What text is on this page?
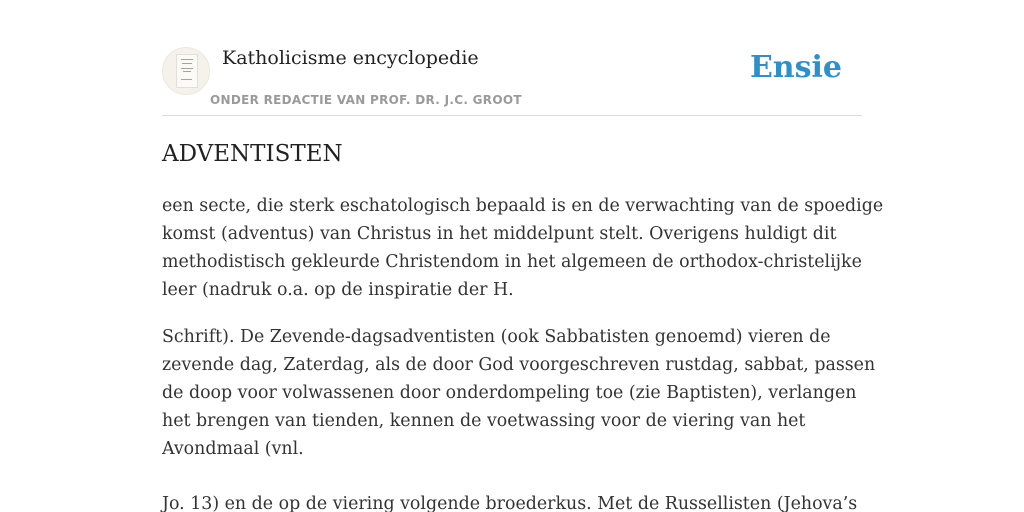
Katholicisme encyclopedie
ONDER REDACTIE VAN PROF. DR. J.C. GROOT
Ensie
ADVENTISTEN

een secte, die sterk eschatologisch bepaald is en de verwachting van de spoedige
komst (adventus) van Christus in het middelpunt stelt. Overigens huldigt dit
methodistisch gekleurde Christendom in het algemeen de orthodox-christelijke
leer (nadruk o.a. op de inspiratie der H.

Schrift). De Zevende-dagsadventisten (ook Sabbatisten genoemd) vieren de
zevende dag, Zaterdag, als de door God voorgeschreven rustdag, sabbat, passen
de doop voor volwassenen door onderdompeling toe (zie Baptisten), verlangen
het brengen van tienden, kennen de voetwassing voor de viering van het
Avondmaal (vnl.

Jo. 13) en de op de viering volgende broederkus. Met de Russellisten (Jehova’s
